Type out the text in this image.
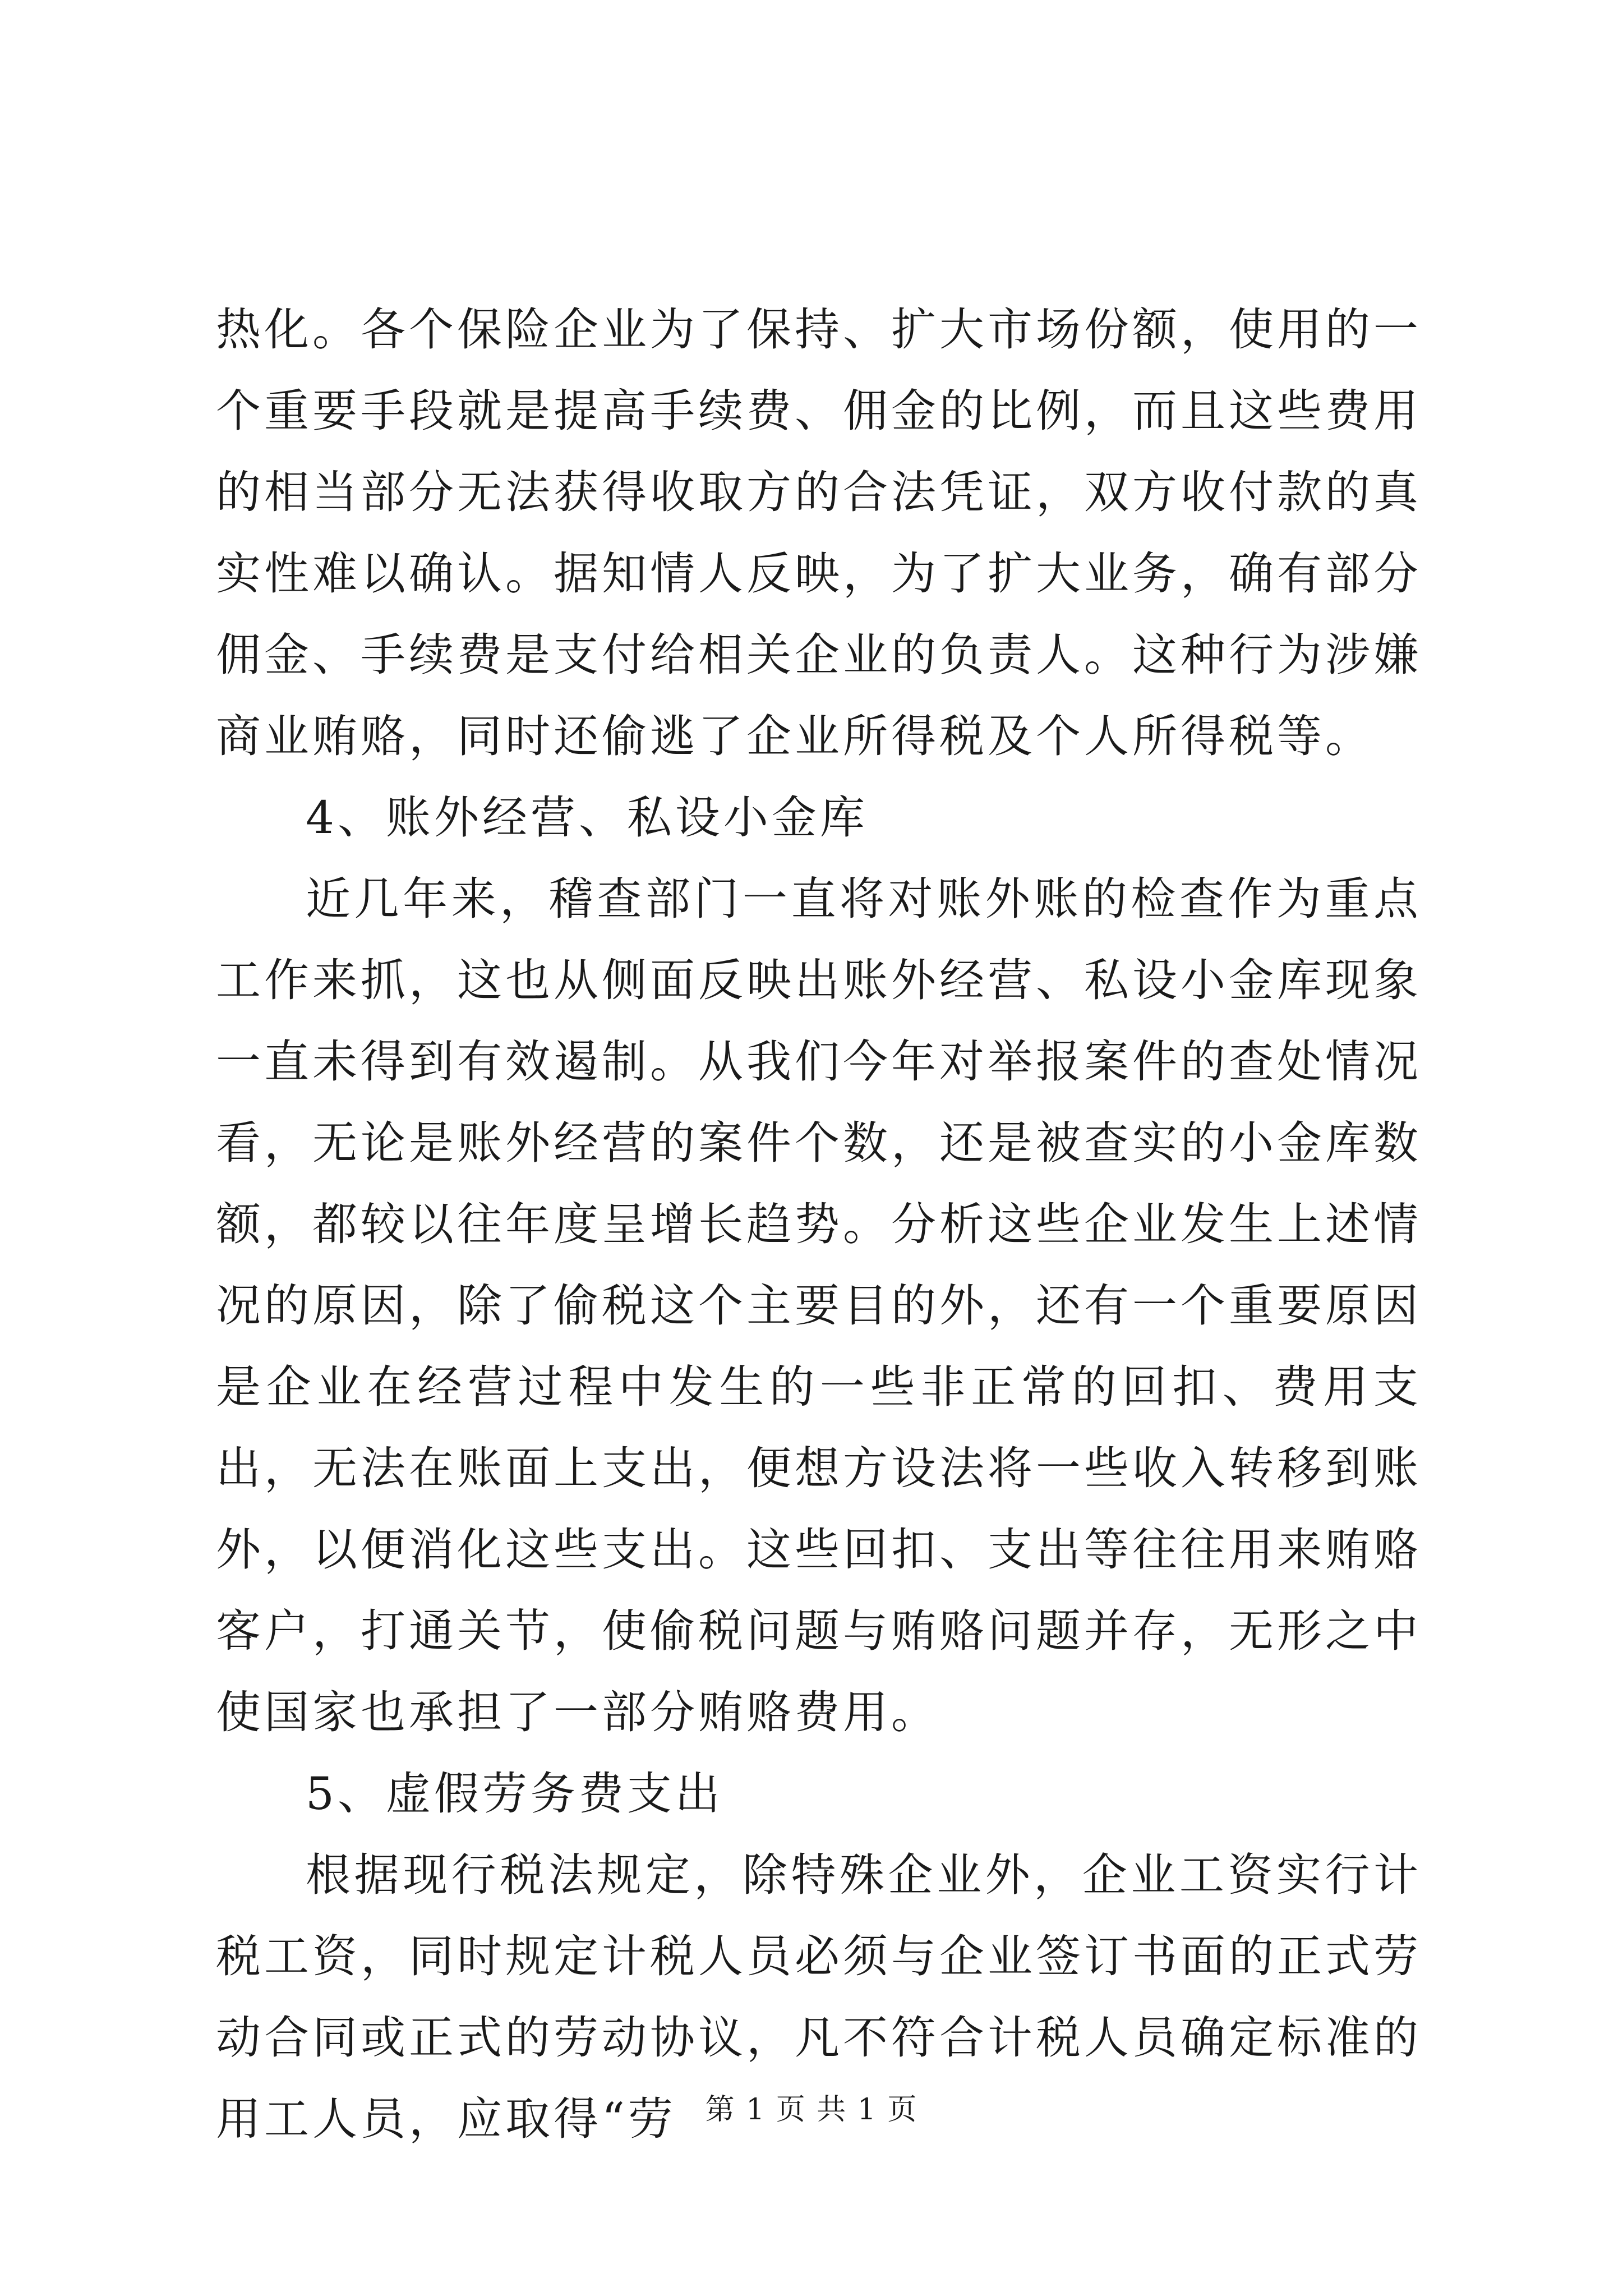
热化。各个保险企业为了保持、扩大市场份额，使用的一个重要手段就是提高手续费、佣金的比例，而且这些费用的相当部分无法获得收取方的合法凭证，双方收付款的真实性难以确认。据知情人反映，为了扩大业务，确有部分佣金、手续费是支付给相关企业的负责人。这种行为涉嫌商业贿赂，同时还偷逃了企业所得税及个人所得税等。

4、账外经营、私设小金库

近几年来，稽查部门一直将对账外账的检查作为重点工作来抓，这也从侧面反映出账外经营、私设小金库现象一直未得到有效遏制。从我们今年对举报案件的查处情况看，无论是账外经营的案件个数，还是被查实的小金库数额，都较以往年度呈增长趋势。分析这些企业发生上述情况的原因，除了偷税这个主要目的外，还有一个重要原因是企业在经营过程中发生的一些非正常的回扣、费用支出，无法在账面上支出，便想方设法将一些收入转移到账外，以便消化这些支出。这些回扣、支出等往往用来贿赂客户，打通关节，使偷税问题与贿赂问题并存，无形之中使国家也承担了一部分贿赂费用。

5、虚假劳务费支出

根据现行税法规定，除特殊企业外，企业工资实行计税工资，同时规定计税人员必须与企业签订书面的正式劳动合同或正式的劳动协议，凡不符合计税人员确定标准的用工人员，应取得“劳 第 1 页 共 1 页
